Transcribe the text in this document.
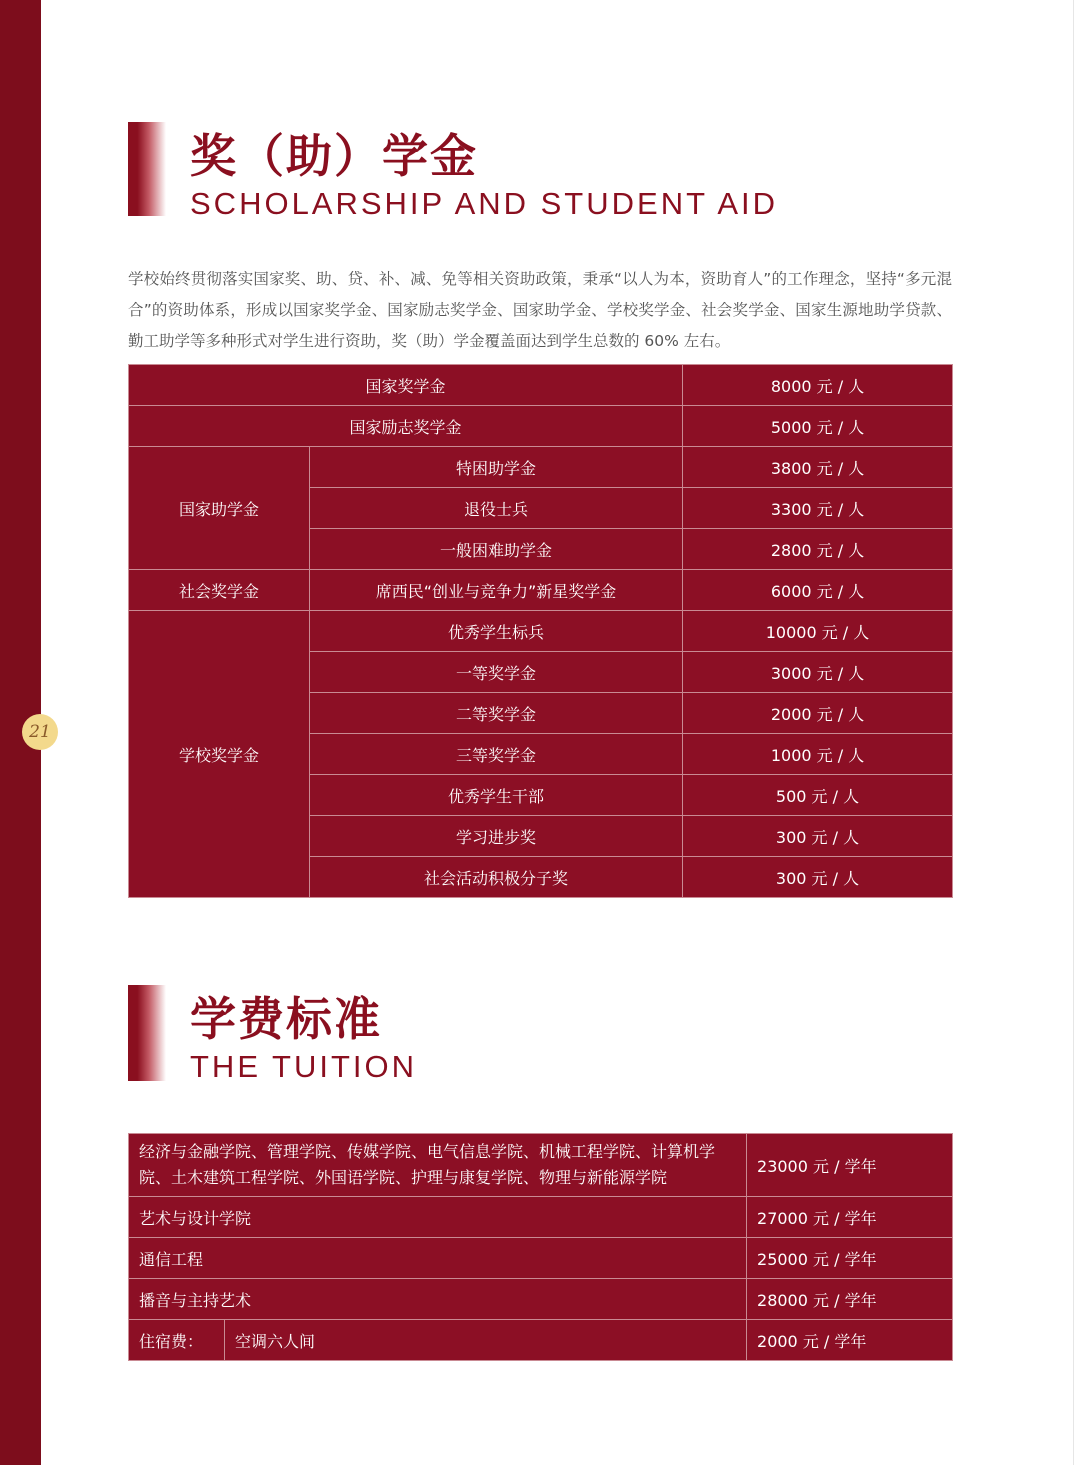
21
奖（助）学金
SCHOLARSHIP AND STUDENT AID
学校始终贯彻落实国家奖、助、贷、补、减、免等相关资助政策，秉承“以人为本，资助育人”的工作理念，坚持“多元混合”的资助体系，形成以国家奖学金、国家励志奖学金、国家助学金、学校奖学金、社会奖学金、国家生源地助学贷款、勤工助学等多种形式对学生进行资助，奖（助）学金覆盖面达到学生总数的 60% 左右。
国家奖学金		8000 元 / 人
国家励志奖学金		5000 元 / 人
国家助学金	特困助学金	3800 元 / 人
	退役士兵	3300 元 / 人
	一般困难助学金	2800 元 / 人
社会奖学金	席西民“创业与竞争力”新星奖学金	6000 元 / 人
学校奖学金	优秀学生标兵	10000 元 / 人
	一等奖学金	3000 元 / 人
	二等奖学金	2000 元 / 人
	三等奖学金	1000 元 / 人
	优秀学生干部	500 元 / 人
	学习进步奖	300 元 / 人
	社会活动积极分子奖	300 元 / 人
学费标准
THE TUITION
经济与金融学院、管理学院、传媒学院、电气信息学院、机械工程学院、计算机学院、土木建筑工程学院、外国语学院、护理与康复学院、物理与新能源学院		23000 元 / 学年
艺术与设计学院		27000 元 / 学年
通信工程		25000 元 / 学年
播音与主持艺术		28000 元 / 学年
住宿费：	空调六人间	2000 元 / 学年
